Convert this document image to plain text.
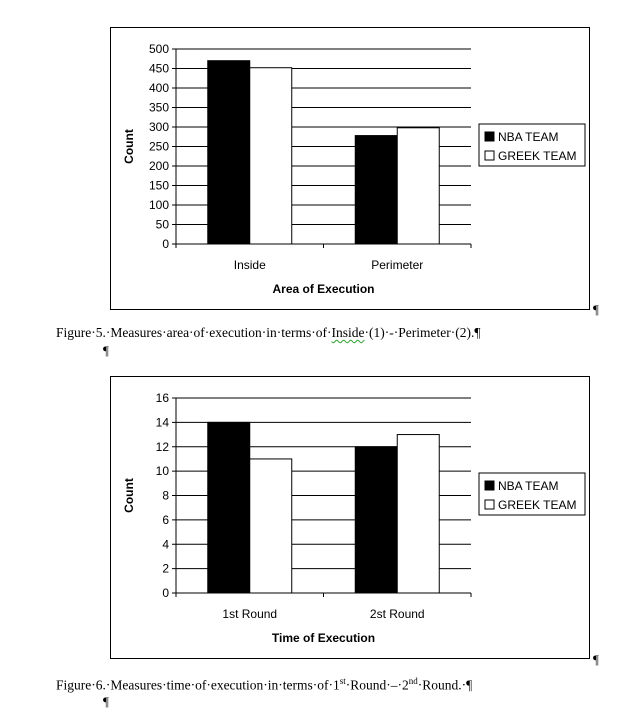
0
50
100
150
200
250
300
350
400
450
500
Inside	Perimeter
Area of Execution
Count	NBA TEAM
GREEK TEAM
¶
Figure·5.·Measures·area·of·execution·in·terms·of·Inside·(1)·-·Perimeter·(2).¶
¶
0
2
4
6
8
10
12
14
16
1st Round	2st Round
Time of Execution
Count	NBA TEAM
GREEK TEAM
¶
Figure·6.·Measures·time·of·execution·in·terms·of·1st·Round·–·2nd·Round.·¶
¶
